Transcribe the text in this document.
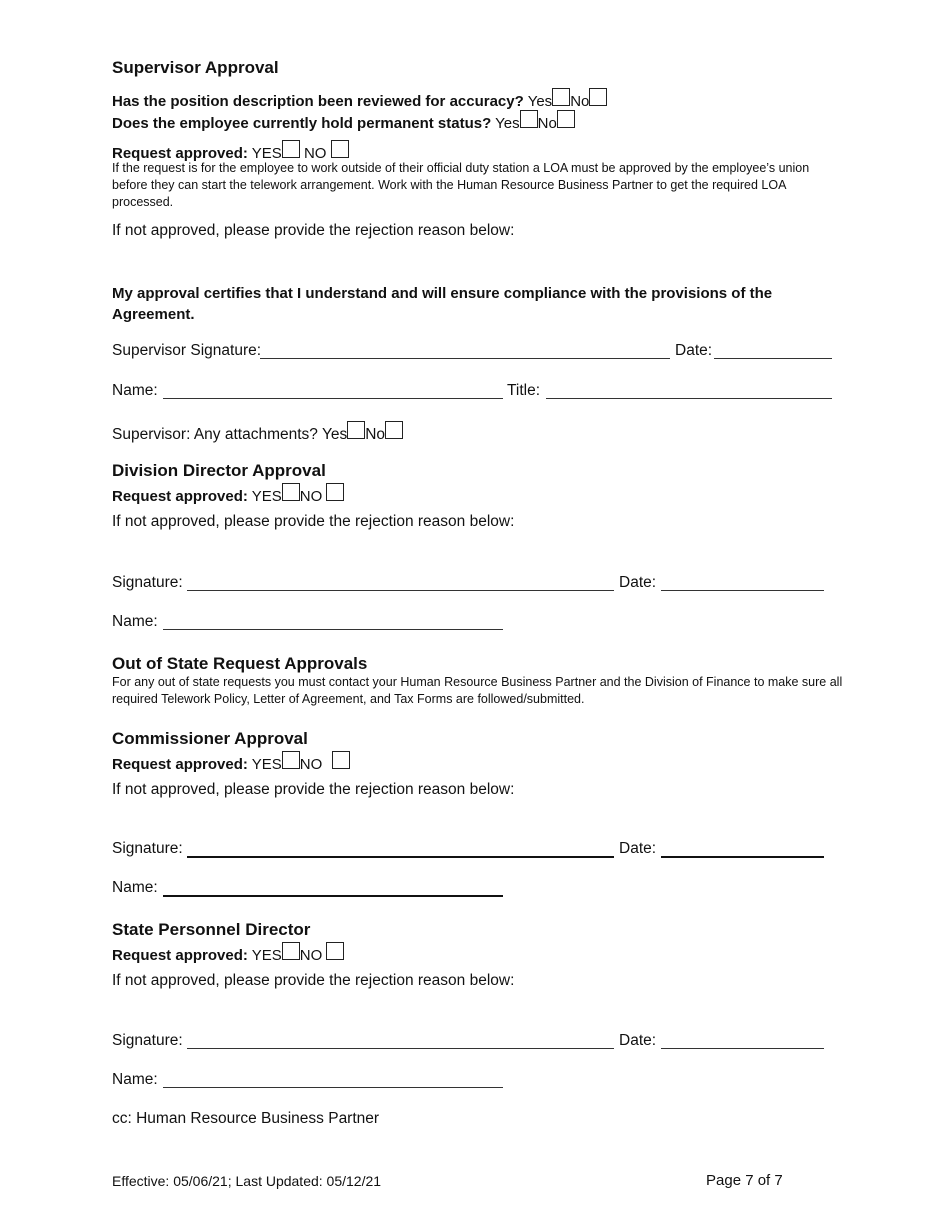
Supervisor Approval
Has the position description been reviewed for accuracy? Yes No
Does the employee currently hold permanent status? Yes No
Request approved: YES NO
If the request is for the employee to work outside of their official duty station a LOA must be approved by the employee’s union before they can start the telework arrangement. Work with the Human Resource Business Partner to get the required LOA processed.
If not approved, please provide the rejection reason below:
My approval certifies that I understand and will ensure compliance with the provisions of the Agreement.
Supervisor Signature:	Date:
Name:	Title:
Supervisor: Any attachments? Yes No
Division Director Approval
Request approved: YES NO
If not approved, please provide the rejection reason below:
Signature:	Date:
Name:
Out of State Request Approvals
For any out of state requests you must contact your Human Resource Business Partner and the Division of Finance to make sure all required Telework Policy, Letter of Agreement, and Tax Forms are followed/submitted.
Commissioner Approval
Request approved: YES NO
If not approved, please provide the rejection reason below:
Signature:	Date:
Name:
State Personnel Director
Request approved: YES NO
If not approved, please provide the rejection reason below:
Signature:	Date:
Name:
cc: Human Resource Business Partner
Effective: 05/06/21; Last Updated: 05/12/21	Page 7 of 7
